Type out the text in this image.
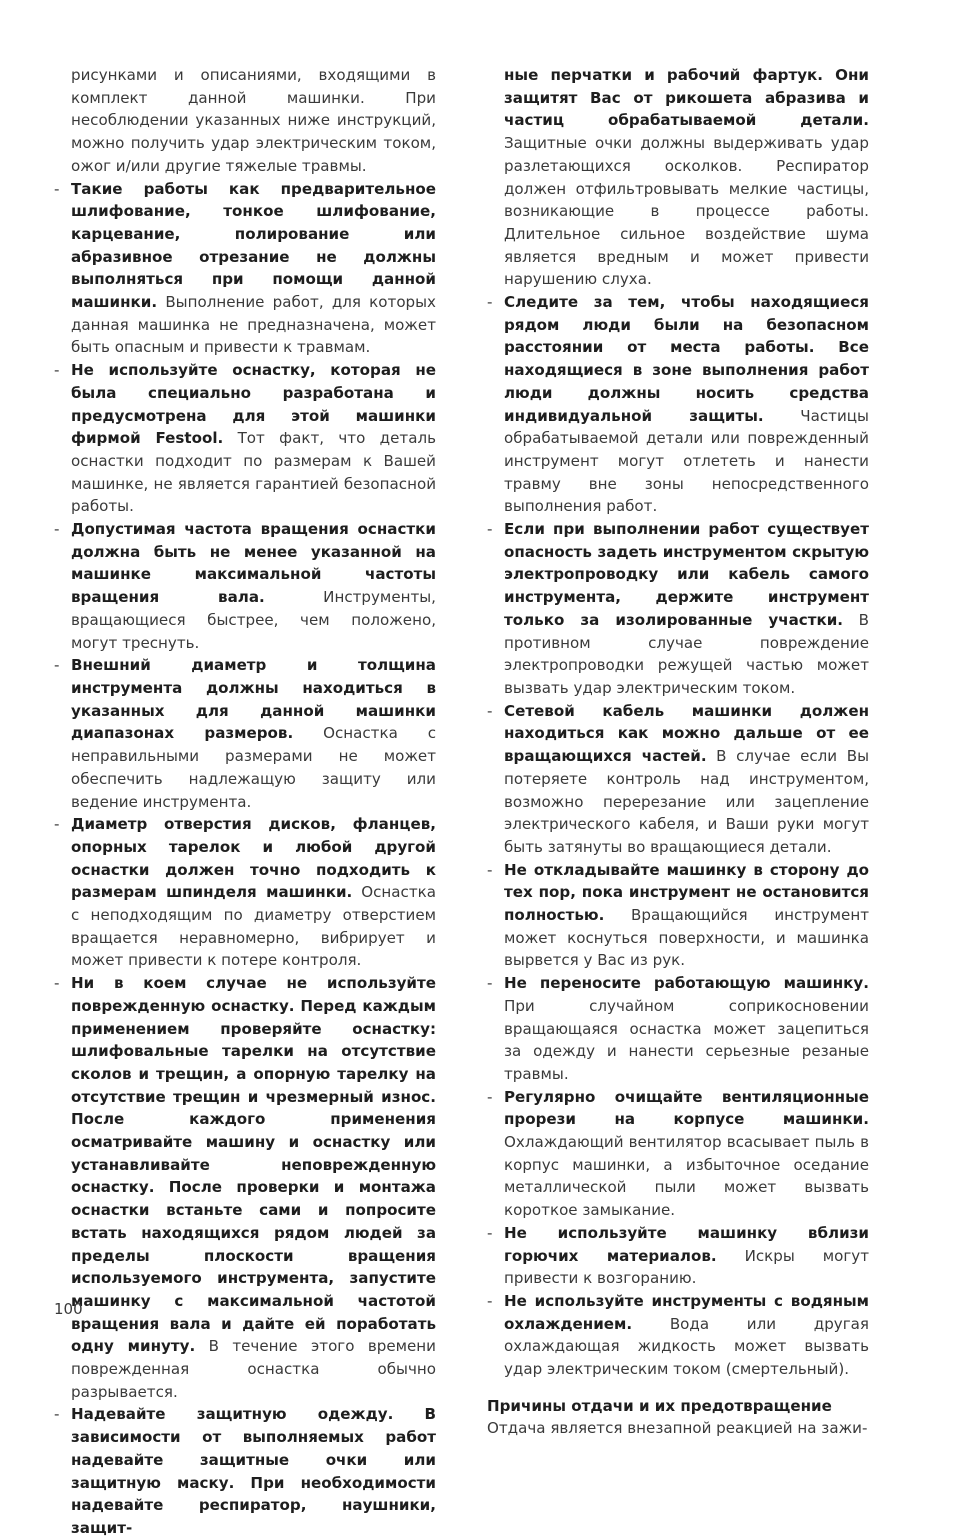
рисунками и описаниями, входящими в комплект данной машинки. При несоблюдении указанных ниже инструкций, можно получить удар электрическим током, ожог и/или другие тяжелые травмы.
- Такие работы как предварительное шлифование, тонкое шлифование, карцевание, полирование или абразивное отрезание не должны выполняться при помощи данной машинки. Выполнение работ, для которых данная машинка не предназначена, может быть опасным и привести к травмам.
- Не используйте оснастку, которая не была специально разработана и предусмотрена для этой машинки фирмой Festool. Тот факт, что деталь оснастки подходит по размерам к Вашей машинке, не является гарантией безопасной работы.
- Допустимая частота вращения оснастки должна быть не менее указанной на машинке максимальной частоты вращения вала. Инструменты, вращающиеся быстрее, чем положено, могут треснуть.
- Внешний диаметр и толщина инструмента должны находиться в указанных для данной машинки диапазонах размеров. Оснастка с неправильными размерами не может обеспечить надлежащую защиту или ведение инструмента.
- Диаметр отверстия дисков, фланцев, опорных тарелок и любой другой оснастки должен точно подходить к размерам шпинделя машинки. Оснастка с неподходящим по диаметру отверстием вращается неравномерно, вибрирует и может привести к потере контроля.
- Ни в коем случае не используйте поврежденную оснастку. Перед каждым применением проверяйте оснастку: шлифовальные тарелки на отсутствие сколов и трещин, а опорную тарелку на отсутствие трещин и чрезмерный износ. После каждого применения осматривайте машину и оснастку или устанавливайте неповрежденную оснастку. После проверки и монтажа оснастки встаньте сами и попросите встать находящихся рядом людей за пределы плоскости вращения используемого инструмента, запустите машинку с максимальной частотой вращения вала и дайте ей поработать одну минуту. В течение этого времени поврежденная оснастка обычно разрывается.
- Надевайте защитную одежду. В зависимости от выполняемых работ надевайте защитные очки или защитную маску. При необходимости надевайте респиратор, наушники, защит-
ные перчатки и рабочий фартук. Они защитят Вас от рикошета абразива и частиц обрабатываемой детали. Защитные очки должны выдерживать удар разлетающихся осколков. Респиратор должен отфильтровывать мелкие частицы, возникающие в процессе работы. Длительное сильное воздействие шума является вредным и может привести нарушению слуха.
- Следите за тем, чтобы находящиеся рядом люди были на безопасном расстоянии от места работы. Все находящиеся в зоне выполнения работ люди должны носить средства индивидуальной защиты. Частицы обрабатываемой детали или поврежденный инструмент могут отлететь и нанести травму вне зоны непосредственного выполнения работ.
- Если при выполнении работ существует опасность задеть инструментом скрытую электропроводку или кабель самого инструмента, держите инструмент только за изолированные участки. В противном случае повреждение электропроводки режущей частью может вызвать удар электрическим током.
- Сетевой кабель машинки должен находиться как можно дальше от ее вращающихся частей. В случае если Вы потеряете контроль над инструментом, возможно перерезание или зацепление электрического кабеля, и Ваши руки могут быть затянуты во вращающиеся детали.
- Не откладывайте машинку в сторону до тех пор, пока инструмент не остановится полностью. Вращающийся инструмент может коснуться поверхности, и машинка вырвется у Вас из рук.
- Не переносите работающую машинку. При случайном соприкосновении вращающаяся оснастка может зацепиться за одежду и нанести серьезные резаные травмы.
- Регулярно очищайте вентиляционные прорези на корпусе машинки. Охлаждающий вентилятор всасывает пыль в корпус машинки, а избыточное оседание металлической пыли может вызвать короткое замыкание.
- Не используйте машинку вблизи горючих материалов. Искры могут привести к возгоранию.
- Не используйте инструменты с водяным охлаждением. Вода или другая охлаждающая жидкость может вызвать удар электрическим током (смертельный).
Причины отдачи и их предотвращение
Отдача является внезапной реакцией на зажи-
100
